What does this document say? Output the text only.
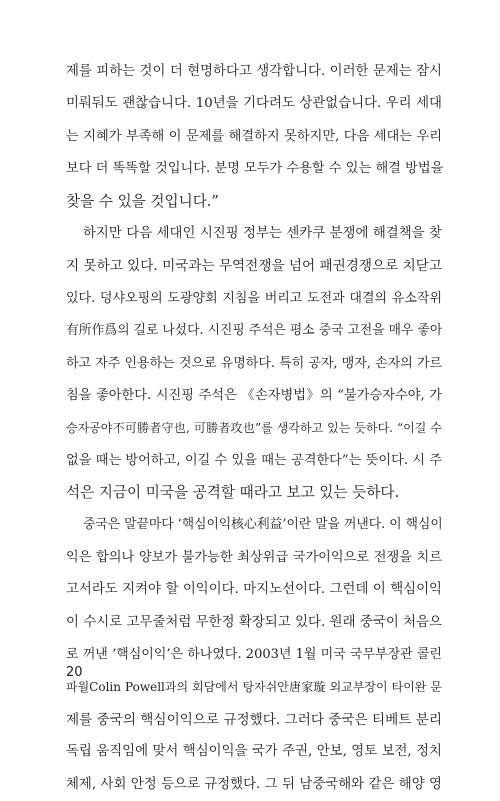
제를 피하는 것이 더 현명하다고 생각합니다. 이러한 문제는 잠시
미뤄둬도 괜찮습니다. 10년을 기다려도 상관없습니다. 우리 세대
는 지혜가 부족해 이 문제를 해결하지 못하지만, 다음 세대는 우리
보다 더 똑똑할 것입니다. 분명 모두가 수용할 수 있는 해결 방법을
찾을 수 있을 것입니다.”
하지만 다음 세대인 시진핑 정부는 센카쿠 분쟁에 해결책을 찾
지 못하고 있다. 미국과는 무역전쟁을 넘어 패권경쟁으로 치닫고
있다. 덩샤오핑의 도광양회 지침을 버리고 도전과 대결의 유소작위
有所作爲의 길로 나섰다. 시진핑 주석은 평소 중국 고전을 매우 좋아
하고 자주 인용하는 것으로 유명하다. 특히 공자, 맹자, 손자의 가르
침을 좋아한다. 시진핑 주석은 《손자병법》의 “불가승자수야, 가
승자공야不可勝者守也, 可勝者攻也”를 생각하고 있는 듯하다. “이길 수
없을 때는 방어하고, 이길 수 있을 때는 공격한다”는 뜻이다. 시 주
석은 지금이 미국을 공격할 때라고 보고 있는 듯하다.
중국은 말끝마다 ‘핵심이익核心利益’이란 말을 꺼낸다. 이 핵심이
익은 합의나 양보가 불가능한 최상위급 국가이익으로 전쟁을 치르
고서라도 지켜야 할 이익이다. 마지노선이다. 그런데 이 핵심이익
이 수시로 고무줄처럼 무한정 확장되고 있다. 원래 중국이 처음으
로 꺼낸 ‘핵심이익’은 하나였다. 2003년 1월 미국 국무부장관 콜린
파월Colin Powell과의 회담에서 탕자쉬안唐家璇 외교부장이 타이완 문
제를 중국의 핵심이익으로 규정했다. 그러다 중국은 티베트 분리
독립 움직임에 맞서 핵심이익을 국가 주권, 안보, 영토 보전, 정치
체제, 사회 안정 등으로 규정했다. 그 뒤 남중국해와 같은 해양 영
20
